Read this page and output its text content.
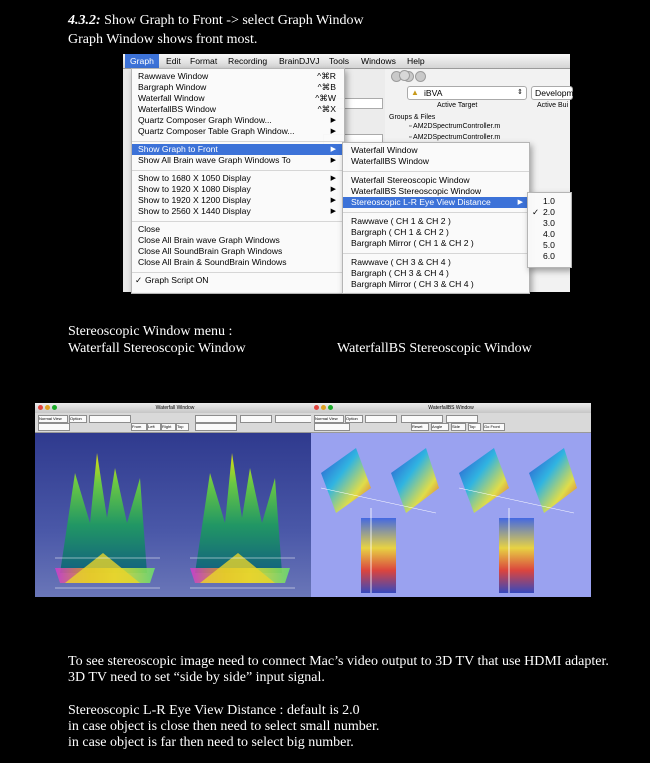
4.3.2: Show Graph to Front -> select Graph Window
Graph Window shows front most.
▲ iBVA	⇕ Developme
Active Target	Active Bui
Groups & Files
▫ AM2DSpectrumController.m
▫ AM2DSpectrumController.m
Graph	Edit	Format	Recording	BrainDJVJ	Tools	Windows	Help
Rawwave Window	^⌘R
Bargraph Window	^⌘B
Waterfall Window	^⌘W
WaterfallBS Window	^⌘X
Quartz Composer Graph Window...	▶
Quartz Composer Table Graph Window...	▶
Show Graph to Front	▶
Show All Brain wave Graph Windows To	▶
Show to 1680 X 1050 Display	▶
Show to 1920 X 1080 Display	▶
Show to 1920 X 1200 Display	▶
Show to 2560 X 1440 Display	▶
Close
Close All Brain wave Graph Windows
Close All SoundBrain Graph Windows
Close All Brain & SoundBrain Windows
✓ Graph Script ON
Waterfall Window
WaterfallBS Window
Waterfall Stereoscopic Window
WaterfallBS Stereoscopic Window
Stereoscopic L-R Eye View Distance	▶
Rawwave ( CH 1 & CH 2 )
Bargraph ( CH 1 & CH 2 )
Bargraph Mirror ( CH 1 & CH 2 )
Rawwave ( CH 3 & CH 4 )
Bargraph ( CH 3 & CH 4 )
Bargraph Mirror ( CH 3 & CH 4 )
1.0
✓ 2.0
3.0
4.0
5.0
6.0
Stereoscopic Window menu :
Waterfall Stereoscopic Window	WaterfallBS Stereoscopic Window
Waterfall Window
Normal View	Option
From	Left	Right	Top
WaterfallBS Window
Normal View	Option
Reset	Angle	Side	Top	Go Front
To see stereoscopic image need to connect Mac’s video output to 3D TV that use HDMI adapter.
3D TV need to set “side by side” input signal.
Stereoscopic L-R Eye View Distance : default is 2.0
in case object is close then need to select small number.
in case object is far then need to select big number.
